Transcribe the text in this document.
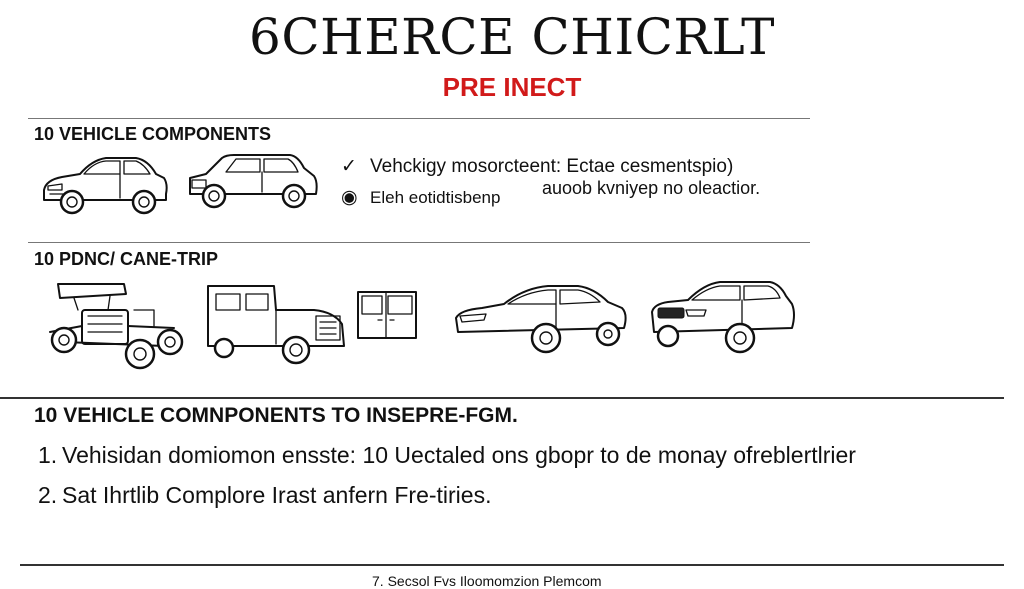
6CHERCE CHICRLT
PRE INECT
10 VEHICLE COMPONENTS
✓ Vehckigy mosorcteent: Ectae cesmentspio)
◉ Eleh eotidtisbenp auoob kvniyep no oleactior.
10 PDNC/ CANE-TRIP
10 VEHICLE COMNPONENTS TO INSEPRE-FGM.
1. Vehisidan domiomon ensste: 10 Uectaled ons gbopr to de monay ofreblertlrier
2. Sat Ihrtlib Complore Irast anfern Fre-tiries.
7. Secsol Fvs Iloomomzion Plemcom
